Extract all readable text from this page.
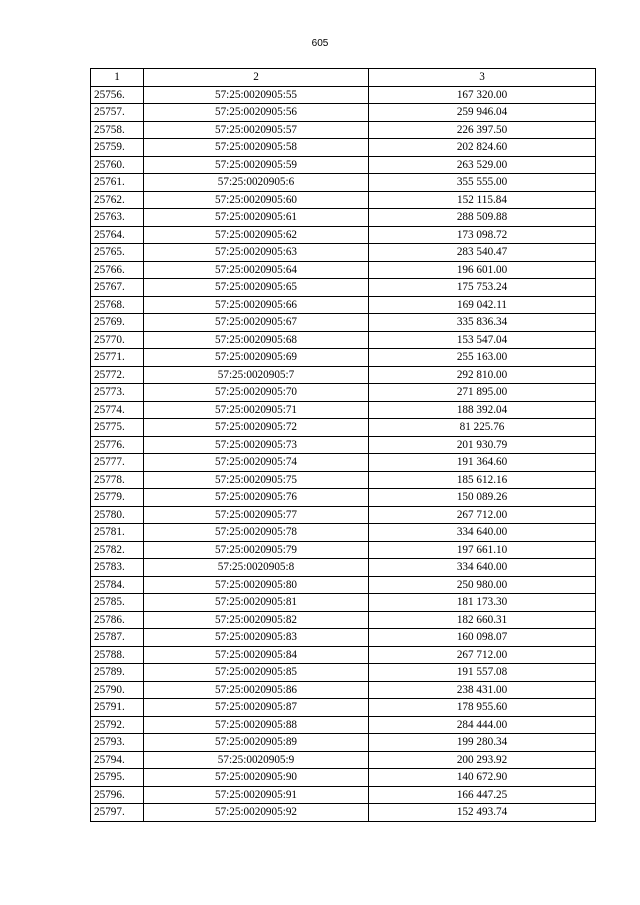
605
1	2	3
25756.	57:25:0020905:55	167 320.00
25757.	57:25:0020905:56	259 946.04
25758.	57:25:0020905:57	226 397.50
25759.	57:25:0020905:58	202 824.60
25760.	57:25:0020905:59	263 529.00
25761.	57:25:0020905:6	355 555.00
25762.	57:25:0020905:60	152 115.84
25763.	57:25:0020905:61	288 509.88
25764.	57:25:0020905:62	173 098.72
25765.	57:25:0020905:63	283 540.47
25766.	57:25:0020905:64	196 601.00
25767.	57:25:0020905:65	175 753.24
25768.	57:25:0020905:66	169 042.11
25769.	57:25:0020905:67	335 836.34
25770.	57:25:0020905:68	153 547.04
25771.	57:25:0020905:69	255 163.00
25772.	57:25:0020905:7	292 810.00
25773.	57:25:0020905:70	271 895.00
25774.	57:25:0020905:71	188 392.04
25775.	57:25:0020905:72	81 225.76
25776.	57:25:0020905:73	201 930.79
25777.	57:25:0020905:74	191 364.60
25778.	57:25:0020905:75	185 612.16
25779.	57:25:0020905:76	150 089.26
25780.	57:25:0020905:77	267 712.00
25781.	57:25:0020905:78	334 640.00
25782.	57:25:0020905:79	197 661.10
25783.	57:25:0020905:8	334 640.00
25784.	57:25:0020905:80	250 980.00
25785.	57:25:0020905:81	181 173.30
25786.	57:25:0020905:82	182 660.31
25787.	57:25:0020905:83	160 098.07
25788.	57:25:0020905:84	267 712.00
25789.	57:25:0020905:85	191 557.08
25790.	57:25:0020905:86	238 431.00
25791.	57:25:0020905:87	178 955.60
25792.	57:25:0020905:88	284 444.00
25793.	57:25:0020905:89	199 280.34
25794.	57:25:0020905:9	200 293.92
25795.	57:25:0020905:90	140 672.90
25796.	57:25:0020905:91	166 447.25
25797.	57:25:0020905:92	152 493.74
